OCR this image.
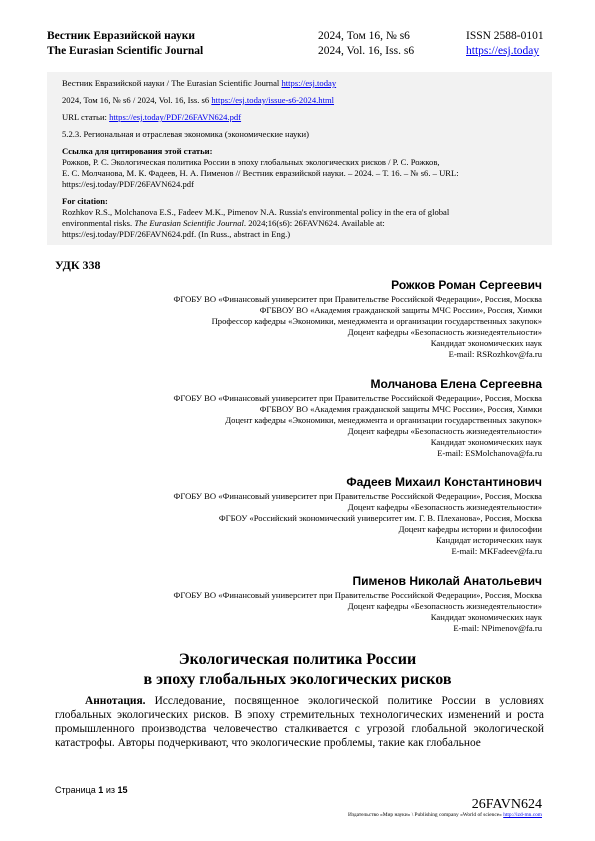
Вестник Евразийской науки
The Eurasian Scientific Journal
2024, Том 16, № s6
2024, Vol. 16, Iss. s6
ISSN 2588-0101
https://esj.today

Вестник Евразийской науки / The Eurasian Scientific Journal https://esj.today

2024, Том 16, № s6 / 2024, Vol. 16, Iss. s6 https://esj.today/issue-s6-2024.html

URL статьи: https://esj.today/PDF/26FAVN624.pdf

5.2.3. Региональная и отраслевая экономика (экономические науки)

Ссылка для цитирования этой статьи:

Рожков, Р. С. Экологическая политика России в эпоху глобальных экологических рисков / Р. С. Рожков,

Е. С. Молчанова, М. К. Фадеев, Н. А. Пименов // Вестник евразийской науки. – 2024. – Т. 16. – № s6. – URL:

https://esj.today/PDF/26FAVN624.pdf

For citation:

Rozhkov R.S., Molchanova E.S., Fadeev M.K., Pimenov N.A. Russia's environmental policy in the era of global

environmental risks. The Eurasian Scientific Journal. 2024;16(s6): 26FAVN624. Available at:

https://esj.today/PDF/26FAVN624.pdf. (In Russ., abstract in Eng.)

УДК 338
Рожков Роман Сергеевич
ФГОБУ ВО «Финансовый университет при Правительстве Российской Федерации», Россия, Москва
ФГБВОУ ВО «Академия гражданской защиты МЧС России», Россия, Химки
Профессор кафедры «Экономики, менеджмента и организации государственных закупок»
Доцент кафедры «Безопасность жизнедеятельности»
Кандидат экономических наук
E-mail: RSRozhkov@fa.ru
Молчанова Елена Сергеевна
ФГОБУ ВО «Финансовый университет при Правительстве Российской Федерации», Россия, Москва
ФГБВОУ ВО «Академия гражданской защиты МЧС России», Россия, Химки
Доцент кафедры «Экономики, менеджмента и организации государственных закупок»
Доцент кафедры «Безопасность жизнедеятельности»
Кандидат экономических наук
E-mail: ESMolchanova@fa.ru
Фадеев Михаил Константинович
ФГОБУ ВО «Финансовый университет при Правительстве Российской Федерации», Россия, Москва
Доцент кафедры «Безопасность жизнедеятельности»
ФГБОУ «Российский экономический университет им. Г. В. Плеханова», Россия, Москва
Доцент кафедры истории и философии
Кандидат исторических наук
E-mail: MKFadeev@fa.ru
Пименов Николай Анатольевич
ФГОБУ ВО «Финансовый университет при Правительстве Российской Федерации», Россия, Москва
Доцент кафедры «Безопасность жизнедеятельности»
Кандидат экономических наук
E-mail: NPimenov@fa.ru
Экологическая политика России
в эпоху глобальных экологических рисков

Аннотация. Исследование, посвященное экологической политике России в условиях глобальных экологических рисков. В эпоху стремительных технологических изменений и роста промышленного производства человечество сталкивается с угрозой глобальной экологической катастрофы. Авторы подчеркивают, что экологические проблемы, такие как глобальное

Страница 1 из 15
26FAVN624
Издательство «Мир науки» \ Publishing company «World of science» http://izd-mn.com
